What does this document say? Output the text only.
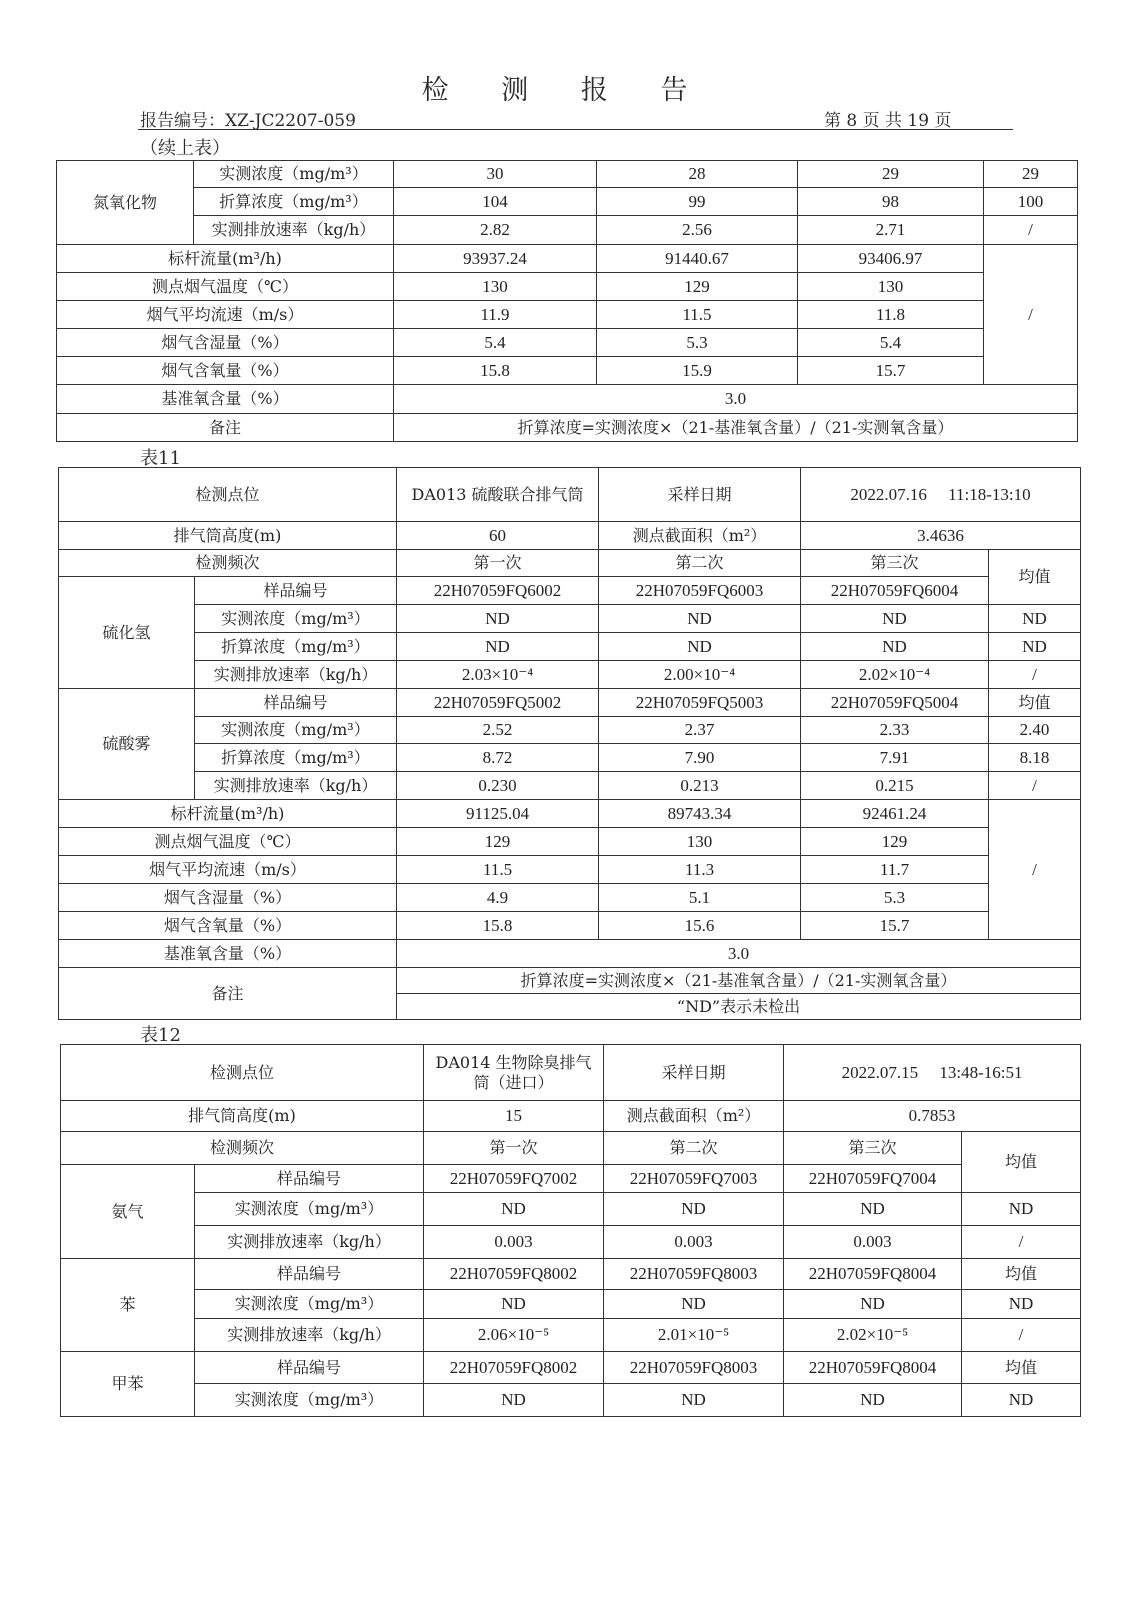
检 测 报 告
报告编号：XZ-JC2207-059	第 8 页 共 19 页
（续上表）
氮氧化物	实测浓度（mg/m³）	30	28	29	29
	折算浓度（mg/m³）	104	99	98	100
	实测排放速率（kg/h）	2.82	2.56	2.71	/
标杆流量(m³/h)		93937.24	91440.67	93406.97	/
测点烟气温度（℃）		130	129	130	
烟气平均流速（m/s）		11.9	11.5	11.8	
烟气含湿量（%）		5.4	5.3	5.4	
烟气含氧量（%）		15.8	15.9	15.7	
基准氧含量（%）		3.0			
备注		折算浓度=实测浓度×（21-基准氧含量）/（21-实测氧含量）			
表11
检测点位		DA013 硫酸联合排气筒	采样日期	2022.07.16     11:18-13:10	
排气筒高度(m)		60	测点截面积（m²）	3.4636	
检测频次		第一次	第二次	第三次	均值
硫化氢	样品编号	22H07059FQ6002	22H07059FQ6003	22H07059FQ6004	
	实测浓度（mg/m³）	ND	ND	ND	ND
	折算浓度（mg/m³）	ND	ND	ND	ND
	实测排放速率（kg/h）	2.03×10⁻⁴	2.00×10⁻⁴	2.02×10⁻⁴	/
硫酸雾	样品编号	22H07059FQ5002	22H07059FQ5003	22H07059FQ5004	均值
	实测浓度（mg/m³）	2.52	2.37	2.33	2.40
	折算浓度（mg/m³）	8.72	7.90	7.91	8.18
	实测排放速率（kg/h）	0.230	0.213	0.215	/
标杆流量(m³/h)		91125.04	89743.34	92461.24	/
测点烟气温度（℃）		129	130	129	
烟气平均流速（m/s）		11.5	11.3	11.7	
烟气含湿量（%）		4.9	5.1	5.3	
烟气含氧量（%）		15.8	15.6	15.7	
基准氧含量（%）		3.0			
备注		折算浓度=实测浓度×（21-基准氧含量）/（21-实测氧含量）			
		“ND”表示未检出			
表12
检测点位		DA014 生物除臭排气筒（进口）	采样日期	2022.07.15     13:48-16:51	
排气筒高度(m)		15	测点截面积（m²）	0.7853	
检测频次		第一次	第二次	第三次	均值
氨气	样品编号	22H07059FQ7002	22H07059FQ7003	22H07059FQ7004	
	实测浓度（mg/m³）	ND	ND	ND	ND
	实测排放速率（kg/h）	0.003	0.003	0.003	/
苯	样品编号	22H07059FQ8002	22H07059FQ8003	22H07059FQ8004	均值
	实测浓度（mg/m³）	ND	ND	ND	ND
	实测排放速率（kg/h）	2.06×10⁻⁵	2.01×10⁻⁵	2.02×10⁻⁵	/
甲苯	样品编号	22H07059FQ8002	22H07059FQ8003	22H07059FQ8004	均值
	实测浓度（mg/m³）	ND	ND	ND	ND
